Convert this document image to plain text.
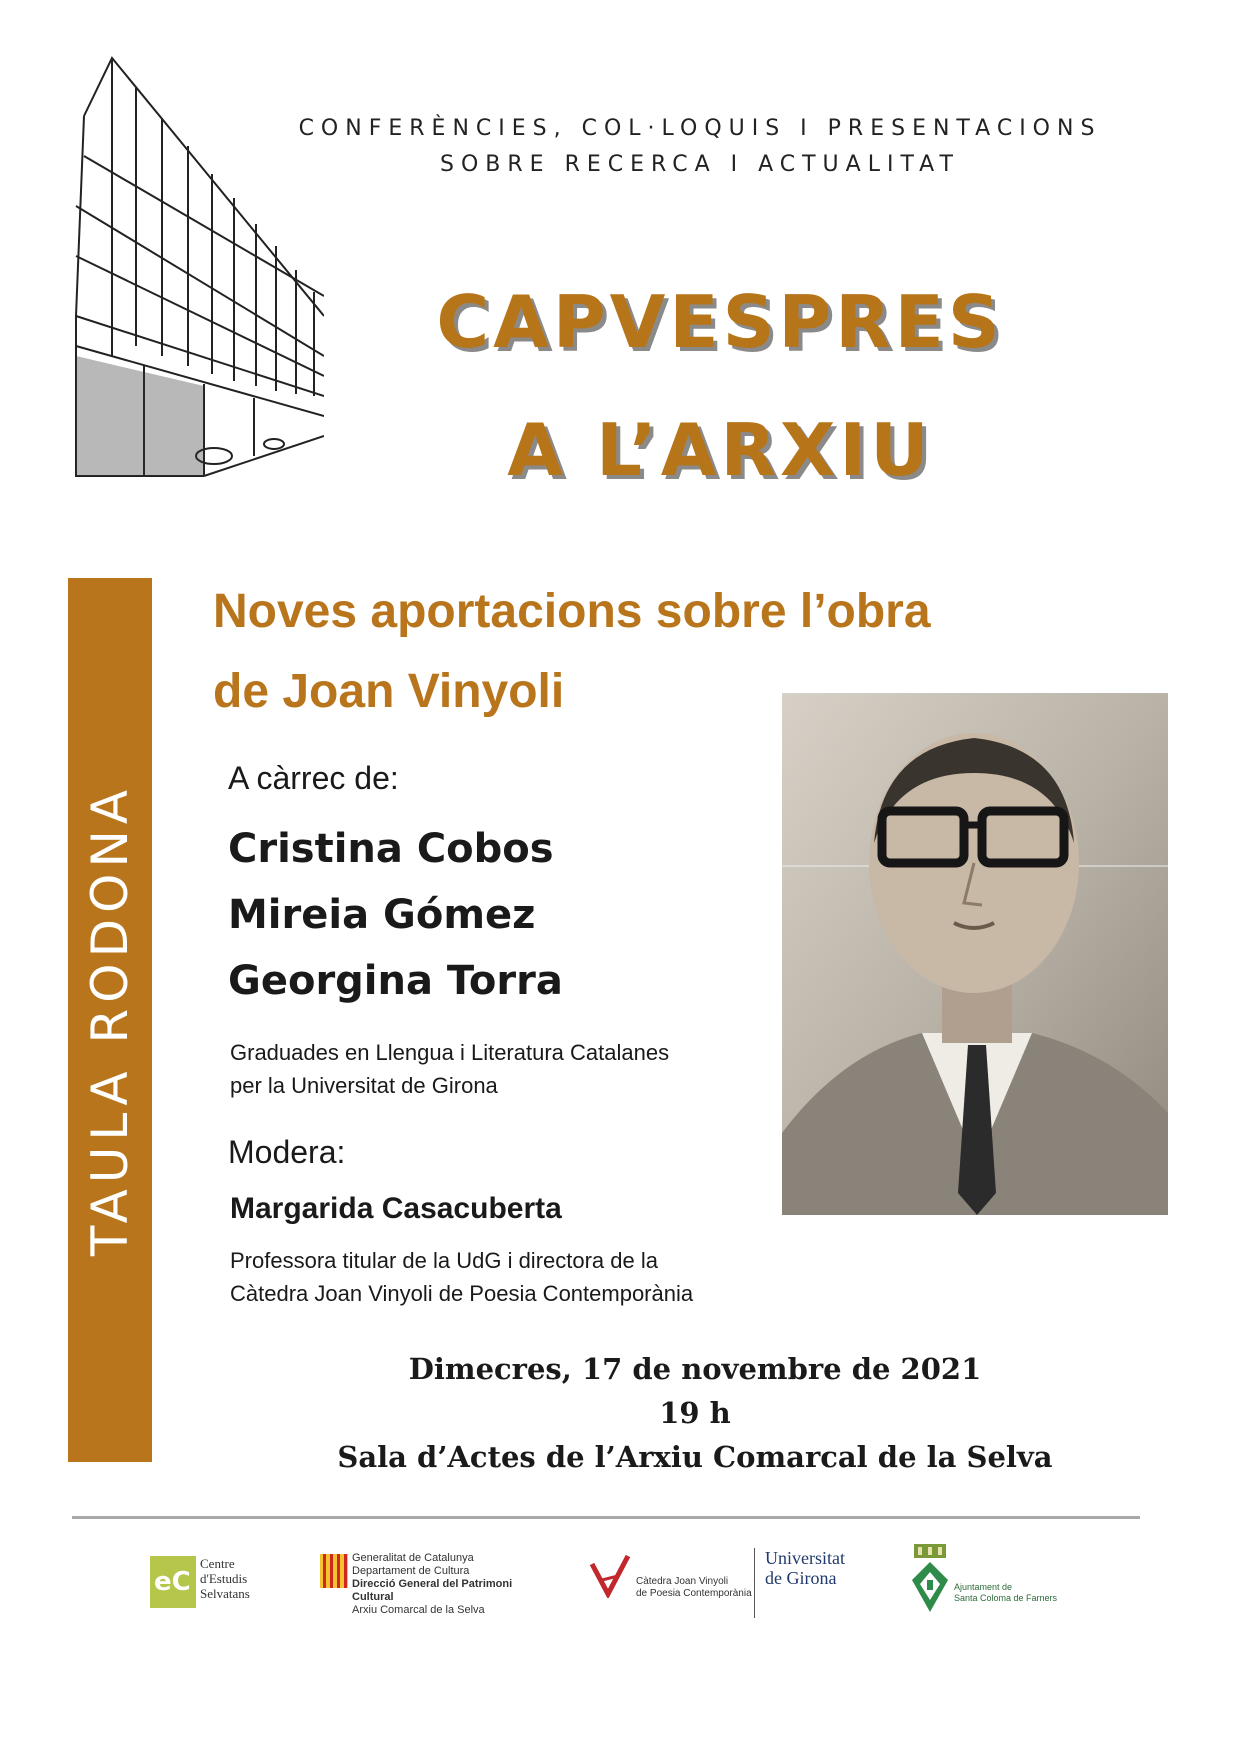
CONFERÈNCIES, COL·LOQUIS I PRESENTACIONS
SOBRE RECERCA I ACTUALITAT
CAPVESPRES
A L’ARXIU
TAULA RODONA
Noves aportacions sobre l’obra
de Joan Vinyoli
A càrrec de:
Cristina Cobos
Mireia Gómez
Georgina Torra
Graduades en Llengua i Literatura Catalanes
per la Universitat de Girona
Modera:
Margarida Casacuberta
Professora titular de la UdG i directora de la
Càtedra Joan Vinyoli de Poesia Contemporània
Dimecres, 17 de novembre de 2021
19 h
Sala d’Actes de l’Arxiu Comarcal de la Selva
eC
Centre
d'Estudis
Selvatans
Generalitat de Catalunya
Departament de Cultura
Direcció General del Patrimoni Cultural
Arxiu Comarcal de la Selva
Càtedra Joan Vinyoli
de Poesia Contemporània
Universitat
de Girona	Ajuntament de
Santa Coloma de Farners
